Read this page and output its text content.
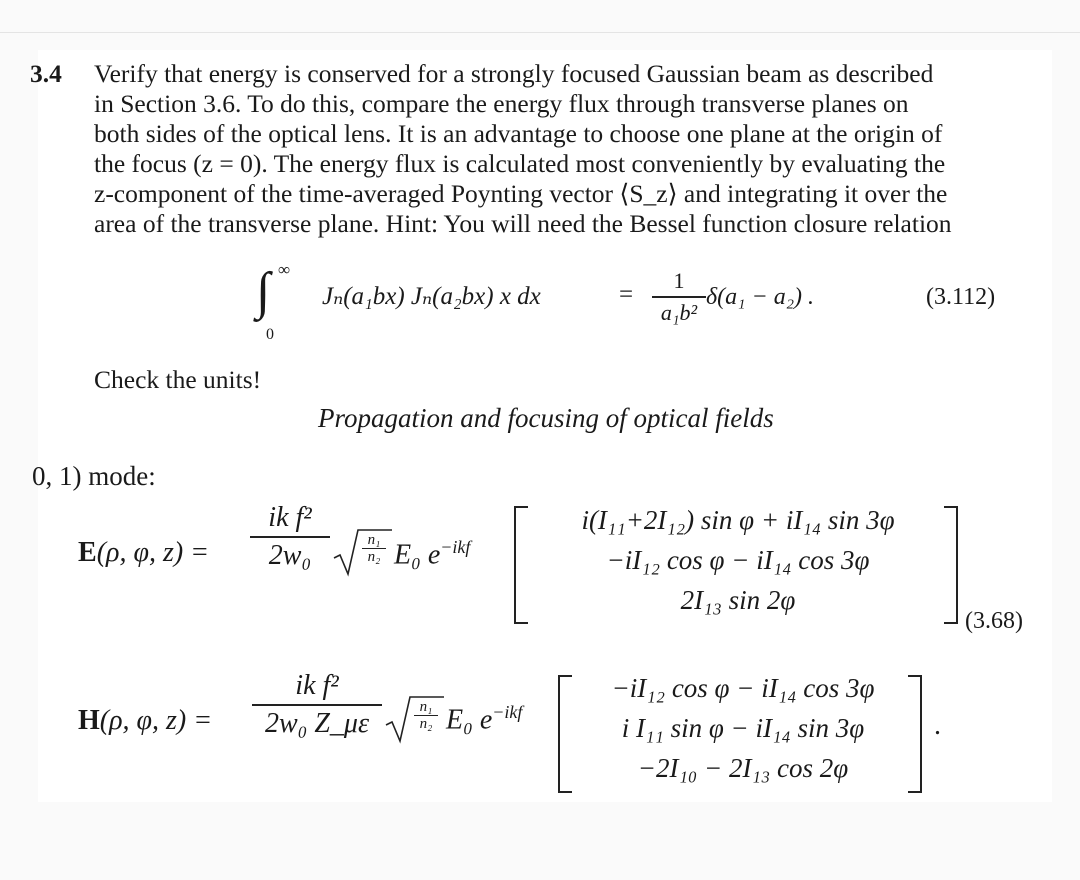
3.4 Verify that energy is conserved for a strongly focused Gaussian beam as described
in Section 3.6. To do this, compare the energy flux through transverse planes on
both sides of the optical lens. It is an advantage to choose one plane at the origin of
the focus (z = 0). The energy flux is calculated most conveniently by evaluating the
z-component of the time-averaged Poynting vector ⟨S_z⟩ and integrating it over the
area of the transverse plane. Hint: You will need the Bessel function closure relation
∫ ∞
0
Jₙ(a₁bx) Jₙ(a₂bx) x dx	=
1
a₁b²
δ(a₁ − a₂) .	(3.112)
Check the units!
Propagation and focusing of optical fields
0, 1) mode:
E(ρ, φ, z) =
ik f²
2w₀	n₁
n₂ E₀ $e^{-ikf}$
i(I₁₁+2I₁₂) sin φ + iI₁₄ sin 3φ
−iI₁₂ cos φ − iI₁₄ cos 3φ
2I₁₃ sin 2φ
(3.68)
H(ρ, φ, z) =
ik f²
2w₀ Z_με
n₁
n₂ E₀ $e^{-ikf}$
−iI₁₂ cos φ − iI₁₄ cos 3φ
i I₁₁ sin φ − iI₁₄ sin 3φ
−2I₁₀ − 2I₁₃ cos 2φ
.
